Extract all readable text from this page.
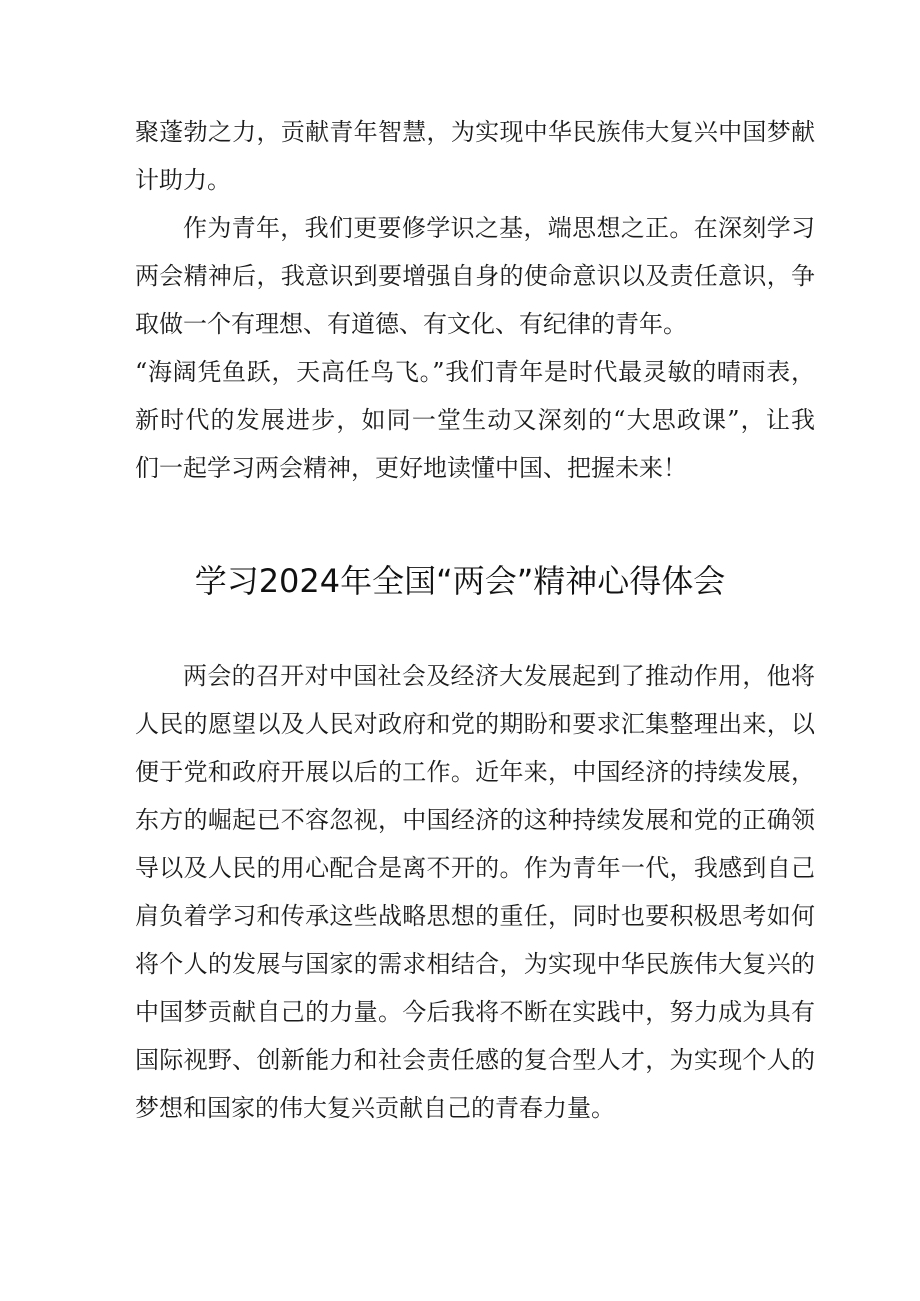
聚蓬勃之力，贡献青年智慧，为实现中华民族伟大复兴中国梦献
计助力。
作为青年，我们更要修学识之基，端思想之正。在深刻学习
两会精神后，我意识到要增强自身的使命意识以及责任意识，争
取做一个有理想、有道德、有文化、有纪律的青年。
“海阔凭鱼跃，天高任鸟飞。”我们青年是时代最灵敏的晴雨表，
新时代的发展进步，如同一堂生动又深刻的“大思政课”，让我
们一起学习两会精神，更好地读懂中国、把握未来！
学习2024年全国“两会”精神心得体会
两会的召开对中国社会及经济大发展起到了推动作用，他将
人民的愿望以及人民对政府和党的期盼和要求汇集整理出来，以
便于党和政府开展以后的工作。近年来，中国经济的持续发展，
东方的崛起已不容忽视，中国经济的这种持续发展和党的正确领
导以及人民的用心配合是离不开的。作为青年一代，我感到自己
肩负着学习和传承这些战略思想的重任，同时也要积极思考如何
将个人的发展与国家的需求相结合，为实现中华民族伟大复兴的
中国梦贡献自己的力量。今后我将不断在实践中，努力成为具有
国际视野、创新能力和社会责任感的复合型人才，为实现个人的
梦想和国家的伟大复兴贡献自己的青春力量。
